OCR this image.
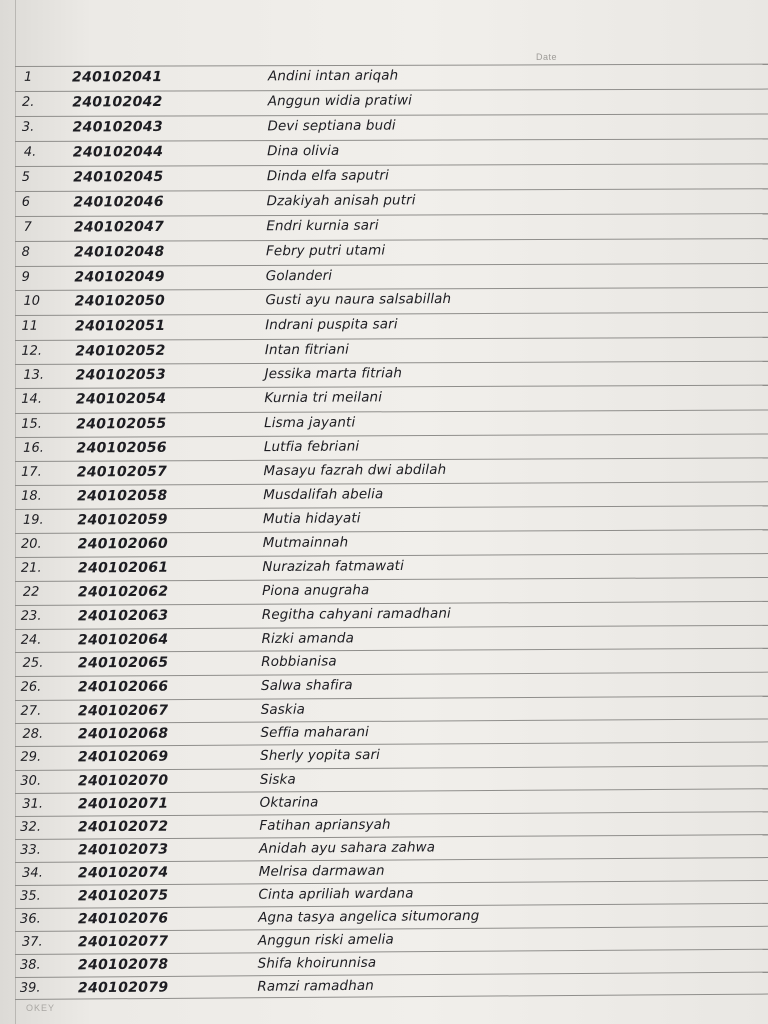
Date
1	240102041	Andini intan ariqah
2.	240102042	Anggun widia pratiwi
3.	240102043	Devi septiana budi
4.	240102044	Dina olivia
5	240102045	Dinda elfa saputri
6	240102046	Dzakiyah anisah putri
7	240102047	Endri kurnia sari
8	240102048	Febry putri utami
9	240102049	Golanderi
10 240102050	Gusti ayu naura salsabillah
11	240102051	Indrani puspita sari
12. 240102052	Intan fitriani
13. 240102053	Jessika marta fitriah
14. 240102054	Kurnia tri meilani
15. 240102055	Lisma jayanti
16. 240102056	Lutfia febriani
17. 240102057	Masayu fazrah dwi abdilah
18.	240102058	Musdalifah abelia
19. 240102059	Mutia hidayati
20.	240102060	Mutmainnah
21.	240102061	Nurazizah fatmawati
22	240102062	Piona anugraha
23.	240102063	Regitha cahyani ramadhani
24.	240102064	Rizki amanda
25. 240102065	Robbianisa
26.	240102066	Salwa shafira
27.	240102067	Saskia
28. 240102068	Seffia maharani
29.	240102069	Sherly yopita sari
30.	240102070	Siska
31. 240102071	Oktarina
32.	240102072	Fatihan apriansyah
33.	240102073	Anidah ayu sahara zahwa
34.	240102074	Melrisa darmawan
35.	240102075	Cinta apriliah wardana
36.	240102076	Agna tasya angelica situmorang
37.	240102077	Anggun riski amelia
38.	240102078	Shifa khoirunnisa
39.	240102079	Ramzi ramadhan
OKEY
